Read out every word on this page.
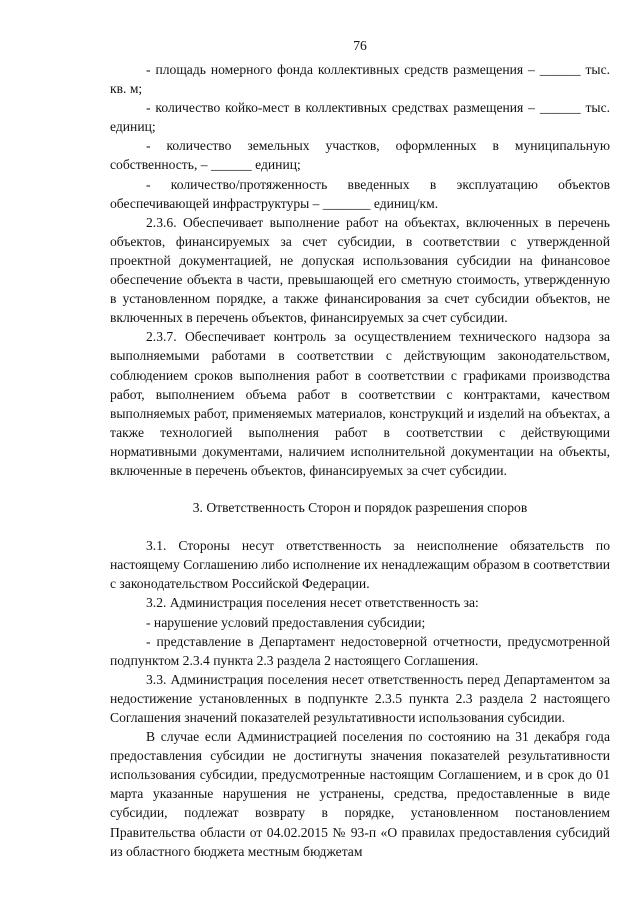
76

- площадь номерного фонда коллективных средств размещения – ______ тыс. кв. м;

- количество койко-мест в коллективных средствах размещения – ______ тыс. единиц;

- количество земельных участков, оформленных в муниципальную собственность, – ______ единиц;

- количество/протяженность введенных в эксплуатацию объектов обеспечивающей инфраструктуры – _______ единиц/км.

2.3.6. Обеспечивает выполнение работ на объектах, включенных в перечень объектов, финансируемых за счет субсидии, в соответствии с утвержденной проектной документацией, не допуская использования субсидии на финансовое обеспечение объекта в части, превышающей его сметную стоимость, утвержденную в установленном порядке, а также финансирования за счет субсидии объектов, не включенных в перечень объектов, финансируемых за счет субсидии.

2.3.7. Обеспечивает контроль за осуществлением технического надзора за выполняемыми работами в соответствии с действующим законодательством, соблюдением сроков выполнения работ в соответствии с графиками производства работ, выполнением объема работ в соответствии с контрактами, качеством выполняемых работ, применяемых материалов, конструкций и изделий на объектах, а также технологией выполнения работ в соответствии с действующими нормативными документами, наличием исполнительной документации на объекты, включенные в перечень объектов, финансируемых за счет субсидии.

3. Ответственность Сторон и порядок разрешения споров

3.1. Стороны несут ответственность за неисполнение обязательств по настоящему Соглашению либо исполнение их ненадлежащим образом в соответствии с законодательством Российской Федерации.

3.2. Администрация поселения несет ответственность за:

- нарушение условий предоставления субсидии;

- представление в Департамент недостоверной отчетности, предусмотренной подпунктом 2.3.4 пункта 2.3 раздела 2 настоящего Соглашения.

3.3. Администрация поселения несет ответственность перед Департаментом за недостижение установленных в подпункте 2.3.5 пункта 2.3 раздела 2 настоящего Соглашения значений показателей результативности использования субсидии.

В случае если Администрацией поселения по состоянию на 31 декабря года предоставления субсидии не достигнуты значения показателей результативности использования субсидии, предусмотренные настоящим Соглашением, и в срок до 01 марта указанные нарушения не устранены, средства, предоставленные в виде субсидии, подлежат возврату в порядке, установленном постановлением Правительства области от 04.02.2015 № 93-п «О правилах предоставления субсидий из областного бюджета местным бюджетам
